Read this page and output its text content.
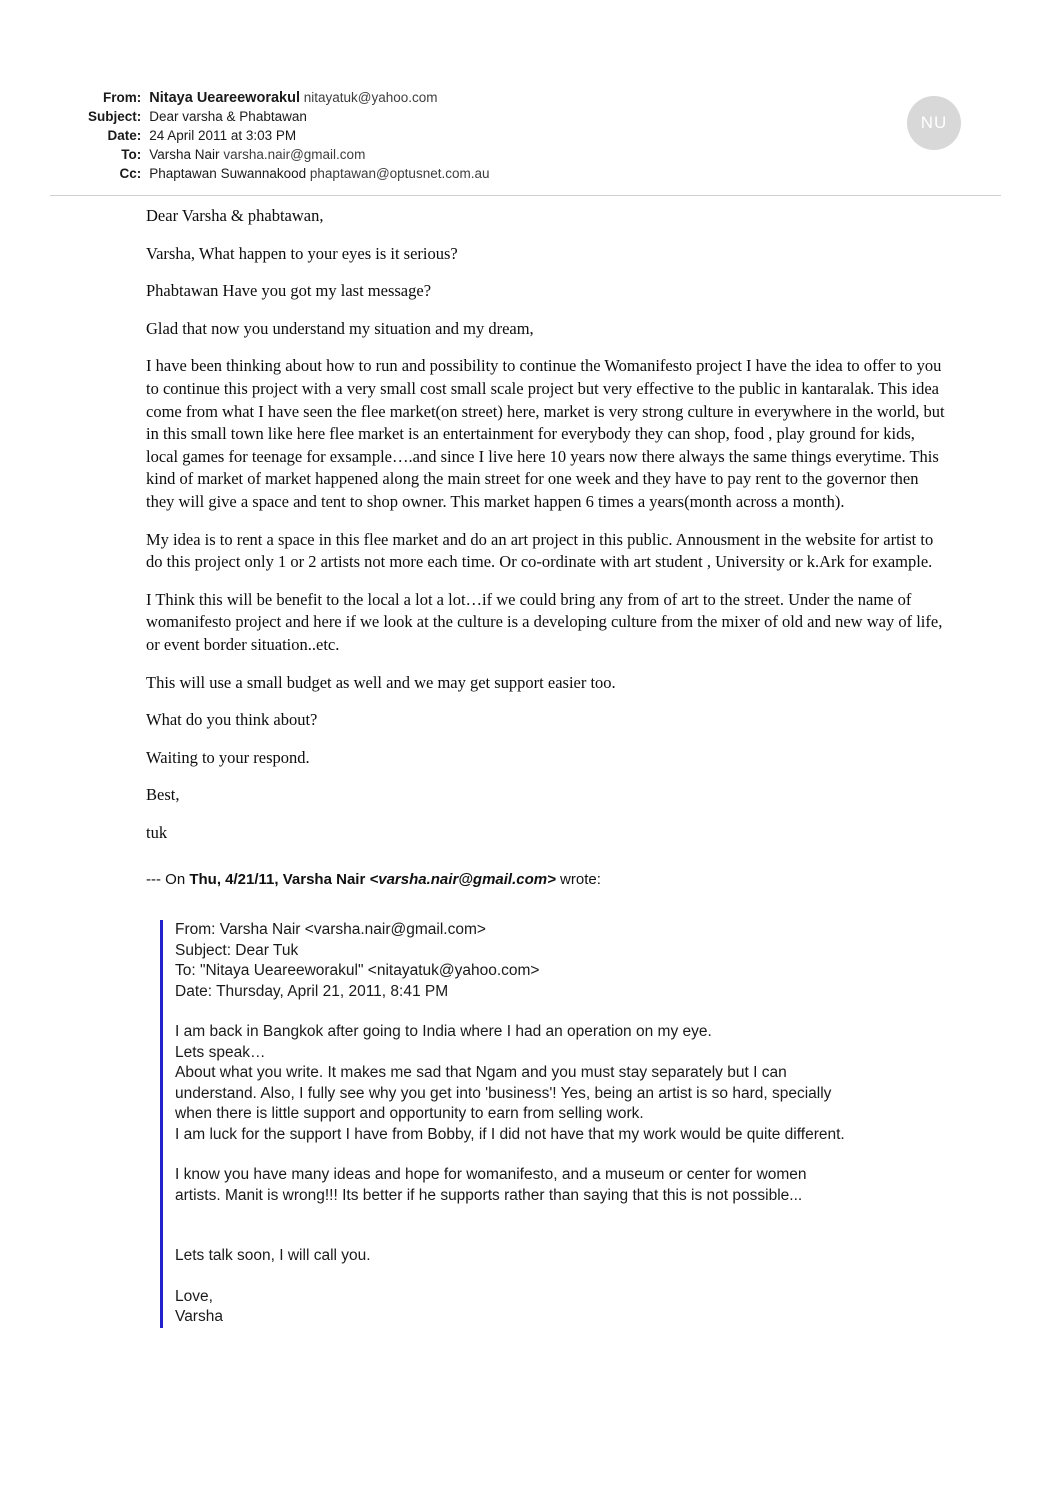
From:	Nitaya Ueareeworakul nitayatuk@yahoo.com
Subject:	Dear varsha & Phabtawan
Date:	24 April 2011 at 3:03 PM
To:	Varsha Nair varsha.nair@gmail.com
Cc:	Phaptawan Suwannakood phaptawan@optusnet.com.au
NU

Dear Varsha & phabtawan,

Varsha, What happen to your eyes is it serious?

Phabtawan Have you got my last message?

Glad that now you understand my situation and my dream,

I have been thinking about how to run and possibility to continue the Womanifesto project I have the idea to offer to you to continue this project with a very small cost small scale project but very effective to the public in kantaralak. This idea come from what I have seen the flee market(on street) here, market is very strong culture in everywhere in the world, but in this small town like here flee market is an entertainment for everybody they can shop, food , play ground for kids, local games for teenage for exsample….and since I live here 10 years now there always the same things everytime. This kind of market of market happened along the main street for one week and they have to pay rent to the governor then they will give a space and tent to shop owner. This market happen 6 times a years(month across a month).

My idea is to rent a space in this flee market and do an art project in this public. Annousment in the website for artist to do this project only 1 or 2 artists not more each time. Or co-ordinate with art student , University or k.Ark for example.

I Think this will be benefit to the local a lot a lot…if we could bring any from of art to the street. Under the name of womanifesto project and here if we look at the culture is a developing culture from the mixer of old and new way of life, or event border situation..etc.

This will use a small budget as well and we may get support easier too.

What do you think about?

Waiting to your respond.

Best,

tuk

--- On Thu, 4/21/11, Varsha Nair <varsha.nair@gmail.com> wrote:

From: Varsha Nair <varsha.nair@gmail.com>
Subject: Dear Tuk
To: "Nitaya Ueareeworakul" <nitayatuk@yahoo.com>
Date: Thursday, April 21, 2011, 8:41 PM
I am back in Bangkok after going to India where I had an operation on my eye.
Lets speak…
About what you write. It makes me sad that Ngam and you must stay separately but I can
understand. Also, I fully see why you get into 'business'! Yes, being an artist is so hard, specially
when there is little support and opportunity to earn from selling work.
I am luck for the support I have from Bobby, if I did not have that my work would be quite different.
I know you have many ideas and hope for womanifesto, and a museum or center for women
artists. Manit is wrong!!! Its better if he supports rather than saying that this is not possible...
Lets talk soon, I will call you.
Love,
Varsha
